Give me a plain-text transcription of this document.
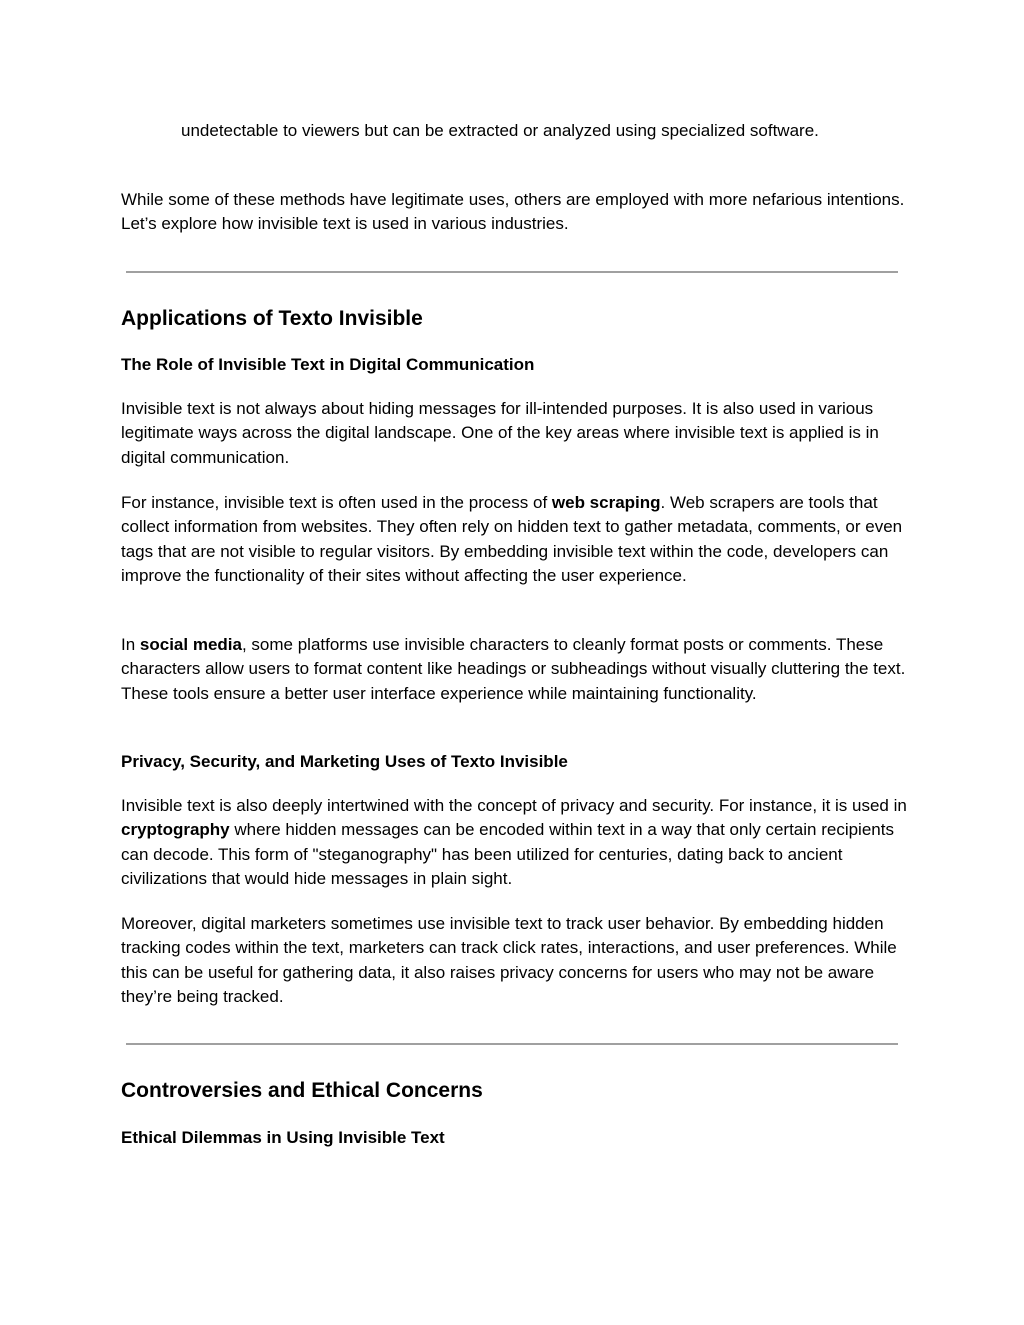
undetectable to viewers but can be extracted or analyzed using specialized software.

While some of these methods have legitimate uses, others are employed with more nefarious intentions. Let’s explore how invisible text is used in various industries.

Applications of Texto Invisible
The Role of Invisible Text in Digital Communication

Invisible text is not always about hiding messages for ill-intended purposes. It is also used in various legitimate ways across the digital landscape. One of the key areas where invisible text is applied is in digital communication.

For instance, invisible text is often used in the process of web scraping. Web scrapers are tools that collect information from websites. They often rely on hidden text to gather metadata, comments, or even tags that are not visible to regular visitors. By embedding invisible text within the code, developers can improve the functionality of their sites without affecting the user experience.

In social media, some platforms use invisible characters to cleanly format posts or comments. These characters allow users to format content like headings or subheadings without visually cluttering the text. These tools ensure a better user interface experience while maintaining functionality.

Privacy, Security, and Marketing Uses of Texto Invisible

Invisible text is also deeply intertwined with the concept of privacy and security. For instance, it is used in cryptography where hidden messages can be encoded within text in a way that only certain recipients can decode. This form of "steganography" has been utilized for centuries, dating back to ancient civilizations that would hide messages in plain sight.

Moreover, digital marketers sometimes use invisible text to track user behavior. By embedding hidden tracking codes within the text, marketers can track click rates, interactions, and user preferences. While this can be useful for gathering data, it also raises privacy concerns for users who may not be aware they’re being tracked.

Controversies and Ethical Concerns
Ethical Dilemmas in Using Invisible Text
